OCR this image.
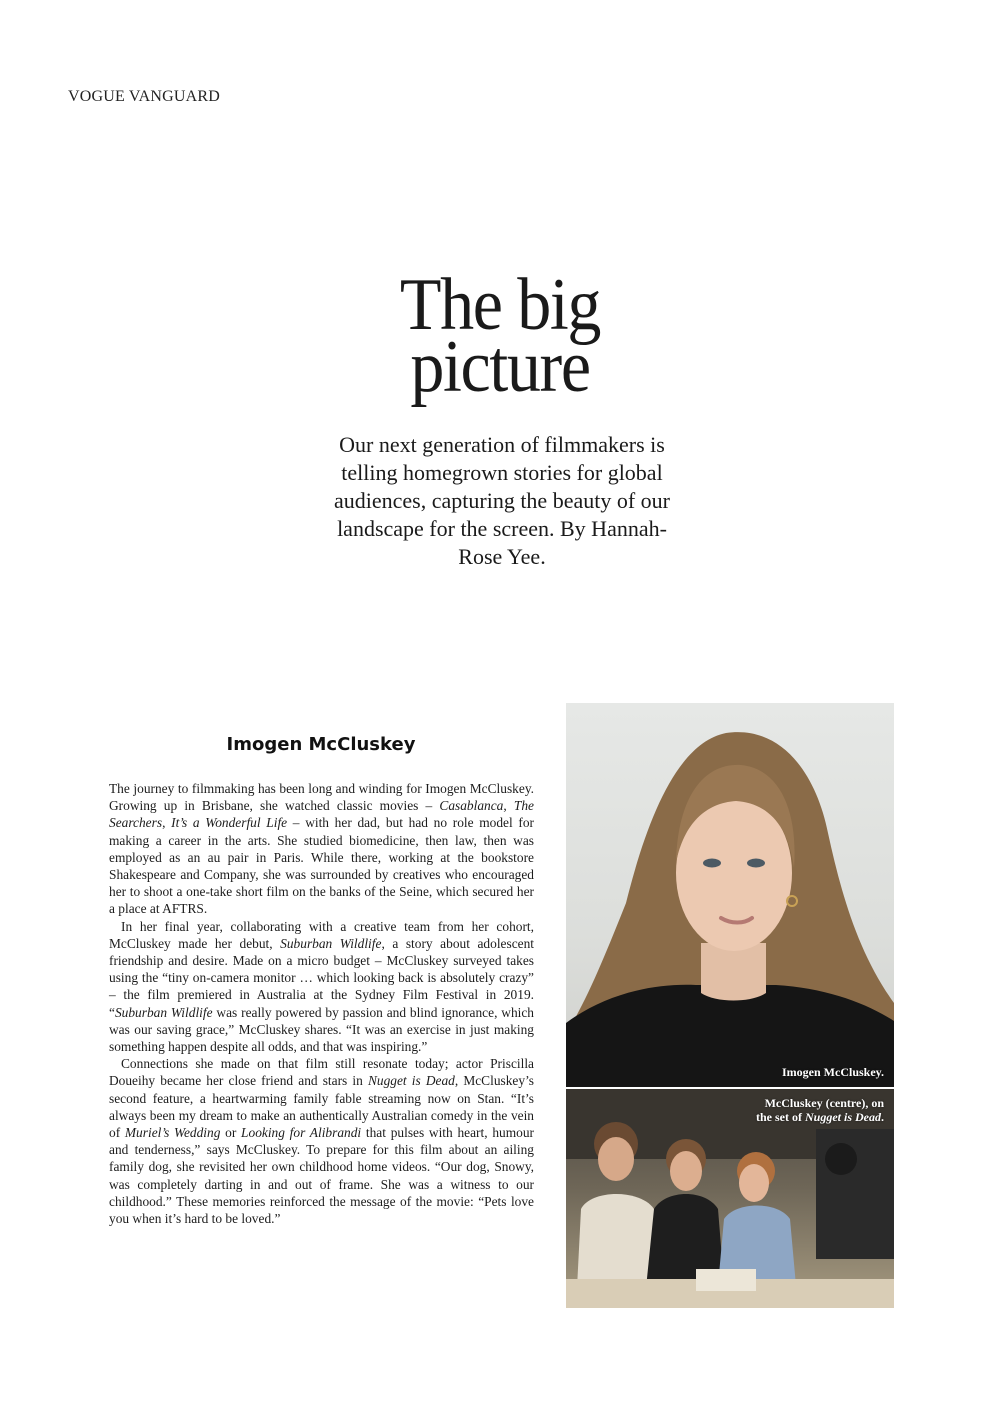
VOGUE VANGUARD
The big picture
Our next generation of filmmakers is telling homegrown stories for global audiences, capturing the beauty of our landscape for the screen. By Hannah-Rose Yee.
Imogen McCluskey

The journey to filmmaking has been long and winding for Imogen McCluskey. Growing up in Brisbane, she watched classic movies – Casablanca, The Searchers, It’s a Wonderful Life – with her dad, but had no role model for making a career in the arts. She studied biomedicine, then law, then was employed as an au pair in Paris. While there, working at the bookstore Shakespeare and Company, she was surrounded by creatives who encouraged her to shoot a one-take short film on the banks of the Seine, which secured her a place at AFTRS.

In her final year, collaborating with a creative team from her cohort, McCluskey made her debut, Suburban Wildlife, a story about adolescent friendship and desire. Made on a micro budget – McCluskey surveyed takes using the “tiny on-camera monitor … which looking back is absolutely crazy” – the film premiered in Australia at the Sydney Film Festival in 2019. “Suburban Wildlife was really powered by passion and blind ignorance, which was our saving grace,” McCluskey shares. “It was an exercise in just making something happen despite all odds, and that was inspiring.”

Connections she made on that film still resonate today; actor Priscilla Doueihy became her close friend and stars in Nugget is Dead, McCluskey’s second feature, a heartwarming family fable streaming now on Stan. “It’s always been my dream to make an authentically Australian comedy in the vein of Muriel’s Wedding or Looking for Alibrandi that pulses with heart, humour and tenderness,” says McCluskey. To prepare for this film about an ailing family dog, she revisited her own childhood home videos. “Our dog, Snowy, was completely darting in and out of frame. She was a witness to our childhood.” These memories reinforced the message of the movie: “Pets love you when it’s hard to be loved.”

Imogen McCluskey.
McCluskey (centre), on
the set of Nugget is Dead.
